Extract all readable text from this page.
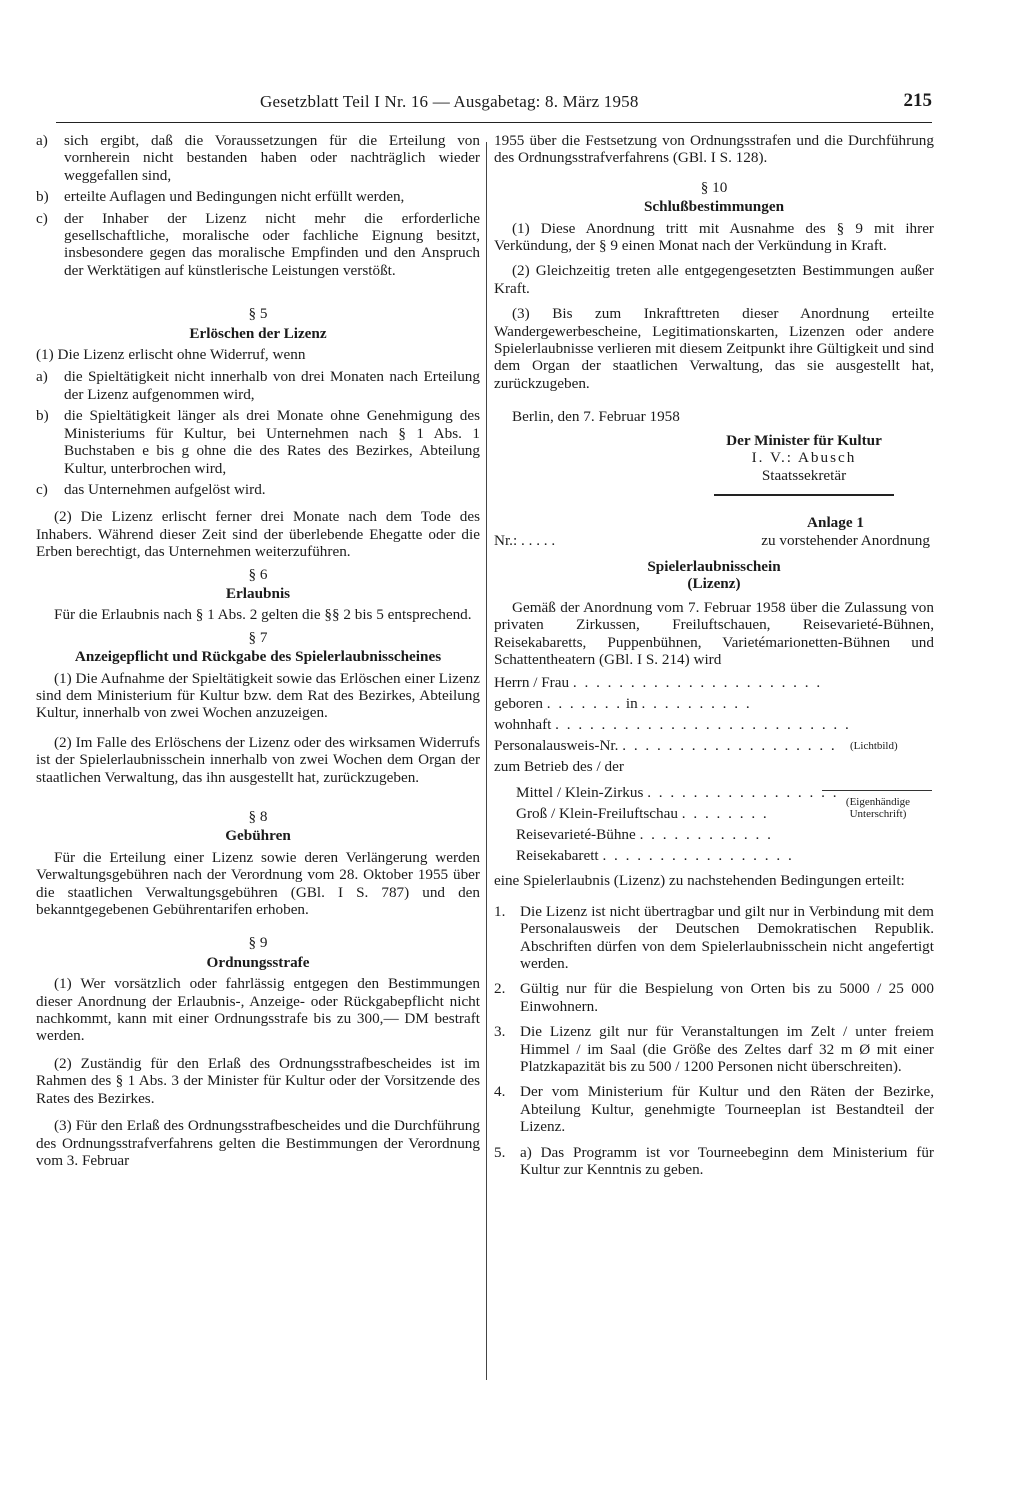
Gesetzblatt Teil I Nr. 16 — Ausgabetag: 8. März 1958	215
a)	sich ergibt, daß die Voraussetzungen für die Erteilung von vornherein nicht bestanden haben oder nachträglich wieder weggefallen sind,
b)	erteilte Auflagen und Bedingungen nicht erfüllt werden,
c)	der Inhaber der Lizenz nicht mehr die erforderliche gesellschaftliche, moralische oder fachliche Eignung besitzt, insbesondere gegen das moralische Empfinden und den Anspruch der Werktätigen auf künstlerische Leistungen verstößt.
§ 5
Erlöschen der Lizenz

(1) Die Lizenz erlischt ohne Widerruf, wenn

a)	die Spieltätigkeit nicht innerhalb von drei Monaten nach Erteilung der Lizenz aufgenommen wird,
b)	die Spieltätigkeit länger als drei Monate ohne Genehmigung des Ministeriums für Kultur, bei Unternehmen nach § 1 Abs. 1 Buchstaben e bis g ohne die des Rates des Bezirkes, Abteilung Kultur, unterbrochen wird,
c)	das Unternehmen aufgelöst wird.

(2) Die Lizenz erlischt ferner drei Monate nach dem Tode des Inhabers. Während dieser Zeit sind der überlebende Ehegatte oder die Erben berechtigt, das Unternehmen weiterzuführen.

§ 6
Erlaubnis

Für die Erlaubnis nach § 1 Abs. 2 gelten die §§ 2 bis 5 entsprechend.

§ 7
Anzeigepflicht und Rückgabe des Spielerlaubnisscheines

(1) Die Aufnahme der Spieltätigkeit sowie das Erlöschen einer Lizenz sind dem Ministerium für Kultur bzw. dem Rat des Bezirkes, Abteilung Kultur, innerhalb von zwei Wochen anzuzeigen.

(2) Im Falle des Erlöschens der Lizenz oder des wirksamen Widerrufs ist der Spielerlaubnisschein innerhalb von zwei Wochen dem Organ der staatlichen Verwaltung, das ihn ausgestellt hat, zurückzugeben.

§ 8
Gebühren

Für die Erteilung einer Lizenz sowie deren Verlängerung werden Verwaltungsgebühren nach der Verordnung vom 28. Oktober 1955 über die staatlichen Verwaltungsgebühren (GBl. I S. 787) und den bekanntgegebenen Gebührentarifen erhoben.

§ 9
Ordnungsstrafe

(1) Wer vorsätzlich oder fahrlässig entgegen den Bestimmungen dieser Anordnung der Erlaubnis-, Anzeige- oder Rückgabepflicht nicht nachkommt, kann mit einer Ordnungsstrafe bis zu 300,— DM bestraft werden.

(2) Zuständig für den Erlaß des Ordnungsstrafbescheides ist im Rahmen des § 1 Abs. 3 der Minister für Kultur oder der Vorsitzende des Rates des Bezirkes.

(3) Für den Erlaß des Ordnungsstrafbescheides und die Durchführung des Ordnungsstrafverfahrens gelten die Bestimmungen der Verordnung vom 3. Februar

1955 über die Festsetzung von Ordnungsstrafen und die Durchführung des Ordnungsstrafverfahrens (GBl. I S. 128).

§ 10
Schlußbestimmungen

(1) Diese Anordnung tritt mit Ausnahme des § 9 mit ihrer Verkündung, der § 9 einen Monat nach der Verkündung in Kraft.

(2) Gleichzeitig treten alle entgegengesetzten Bestimmungen außer Kraft.

(3) Bis zum Inkrafttreten dieser Anordnung erteilte Wandergewerbescheine, Legitimationskarten, Lizenzen oder andere Spielerlaubnisse verlieren mit diesem Zeitpunkt ihre Gültigkeit und sind dem Organ der staatlichen Verwaltung, das sie ausgestellt hat, zurückzugeben.

Berlin, den 7. Februar 1958

Der Minister für Kultur
I. V.: Abusch
Staatssekretär
Anlage 1
Nr.: . . . . .	zu vorstehender Anordnung
Spielerlaubnisschein
(Lizenz)

Gemäß der Anordnung vom 7. Februar 1958 über die Zulassung von privaten Zirkussen, Freiluftschauen, Reisevarieté-Bühnen, Reisekabaretts, Puppenbühnen, Varietémarionetten-Bühnen und Schattentheatern (GBl. I S. 214) wird

Herrn / Frau . . . . . . . . . . . . . . . . . . . . . .
geboren . . . . . . . in . . . . . . . . . .
wohnhaft . . . . . . . . . . . . . . . . . . . . . . . . . .
Personalausweis-Nr. . . . . . . . . . . . . . . . . . . . (Lichtbild)
zum Betrieb des / der
Mittel / Klein-Zirkus . . . . . . . . . . . . . . . . .
Groß / Klein-Freiluftschau . . . . . . . .
(Eigenhändige Unterschrift)
Reisevarieté-Bühne . . . . . . . . . . . .
Reisekabarett . . . . . . . . . . . . . . . . .

eine Spielerlaubnis (Lizenz) zu nachstehenden Bedingungen erteilt:

1. Die Lizenz ist nicht übertragbar und gilt nur in Verbindung mit dem Personalausweis der Deutschen Demokratischen Republik. Abschriften dürfen von dem Spielerlaubnisschein nicht angefertigt werden.
2. Gültig nur für die Bespielung von Orten bis zu 5000 / 25 000 Einwohnern.
3. Die Lizenz gilt nur für Veranstaltungen im Zelt / unter freiem Himmel / im Saal (die Größe des Zeltes darf 32 m Ø mit einer Platzkapazität bis zu 500 / 1200 Personen nicht überschreiten).
4. Der vom Ministerium für Kultur und den Räten der Bezirke, Abteilung Kultur, genehmigte Tourneeplan ist Bestandteil der Lizenz.
5. a) Das Programm ist vor Tourneebeginn dem Ministerium für Kultur zur Kenntnis zu geben.
